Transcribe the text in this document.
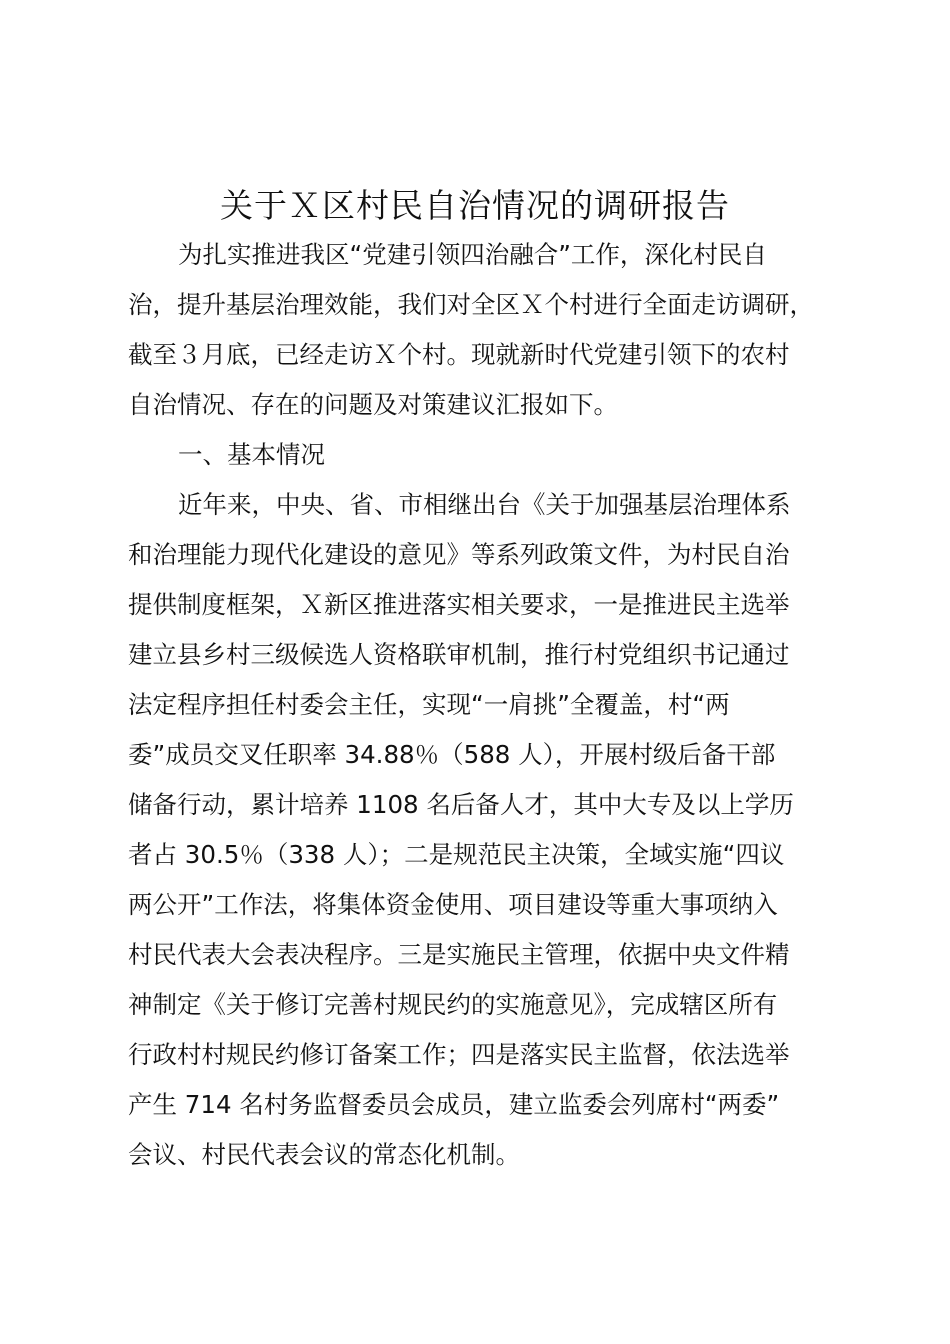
关于Ｘ区村民自治情况的调研报告
为扎实推进我区“党建引领四治融合”工作，深化村民自
治，提升基层治理效能，我们对全区Ｘ个村进行全面走访调研，
截至３月底，已经走访Ｘ个村。现就新时代党建引领下的农村
自治情况、存在的问题及对策建议汇报如下。
一、基本情况
近年来，中央、省、市相继出台《关于加强基层治理体系
和治理能力现代化建设的意见》等系列政策文件，为村民自治
提供制度框架，Ｘ新区推进落实相关要求，一是推进民主选举
建立县乡村三级候选人资格联审机制，推行村党组织书记通过
法定程序担任村委会主任，实现“一肩挑”全覆盖，村“两
委”成员交叉任职率 34.88％（588 人），开展村级后备干部
储备行动，累计培养 1108 名后备人才，其中大专及以上学历
者占 30.5％（338 人）；二是规范民主决策，全域实施“四议
两公开”工作法，将集体资金使用、项目建设等重大事项纳入
村民代表大会表决程序。三是实施民主管理，依据中央文件精
神制定《关于修订完善村规民约的实施意见》，完成辖区所有
行政村村规民约修订备案工作；四是落实民主监督，依法选举
产生 714 名村务监督委员会成员，建立监委会列席村“两委”
会议、村民代表会议的常态化机制。
